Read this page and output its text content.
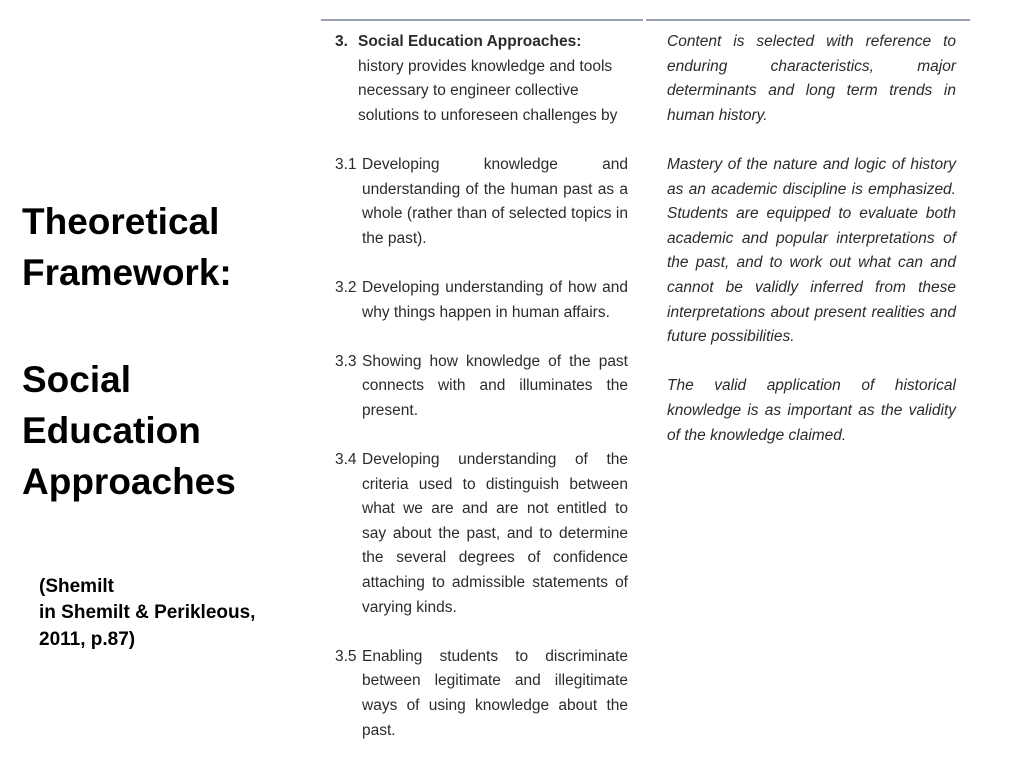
Theoretical
Framework:
Social
Education
Approaches
(Shemilt
in Shemilt & Perikleous,
2011, p.87)
3. Social Education Approaches: history provides knowledge and tools necessary to engineer collective solutions to unforeseen challenges by
3.1 Developing knowledge and understanding of the human past as a whole (rather than of selected topics in the past).
3.2 Developing understanding of how and why things happen in human affairs.
3.3 Showing how knowledge of the past connects with and illuminates the present.
3.4 Developing understanding of the criteria used to distinguish between what we are and are not entitled to say about the past, and to determine the several degrees of confidence attaching to admissible statements of varying kinds.
3.5 Enabling students to discriminate between legitimate and illegitimate ways of using knowledge about the past.

Content is selected with reference to enduring characteristics, major determinants and long term trends in human history.

Mastery of the nature and logic of history as an academic discipline is emphasized. Students are equipped to evaluate both academic and popular interpretations of the past, and to work out what can and cannot be validly inferred from these interpretations about present realities and future possibilities.

The valid application of historical knowledge is as important as the validity of the knowledge claimed.
